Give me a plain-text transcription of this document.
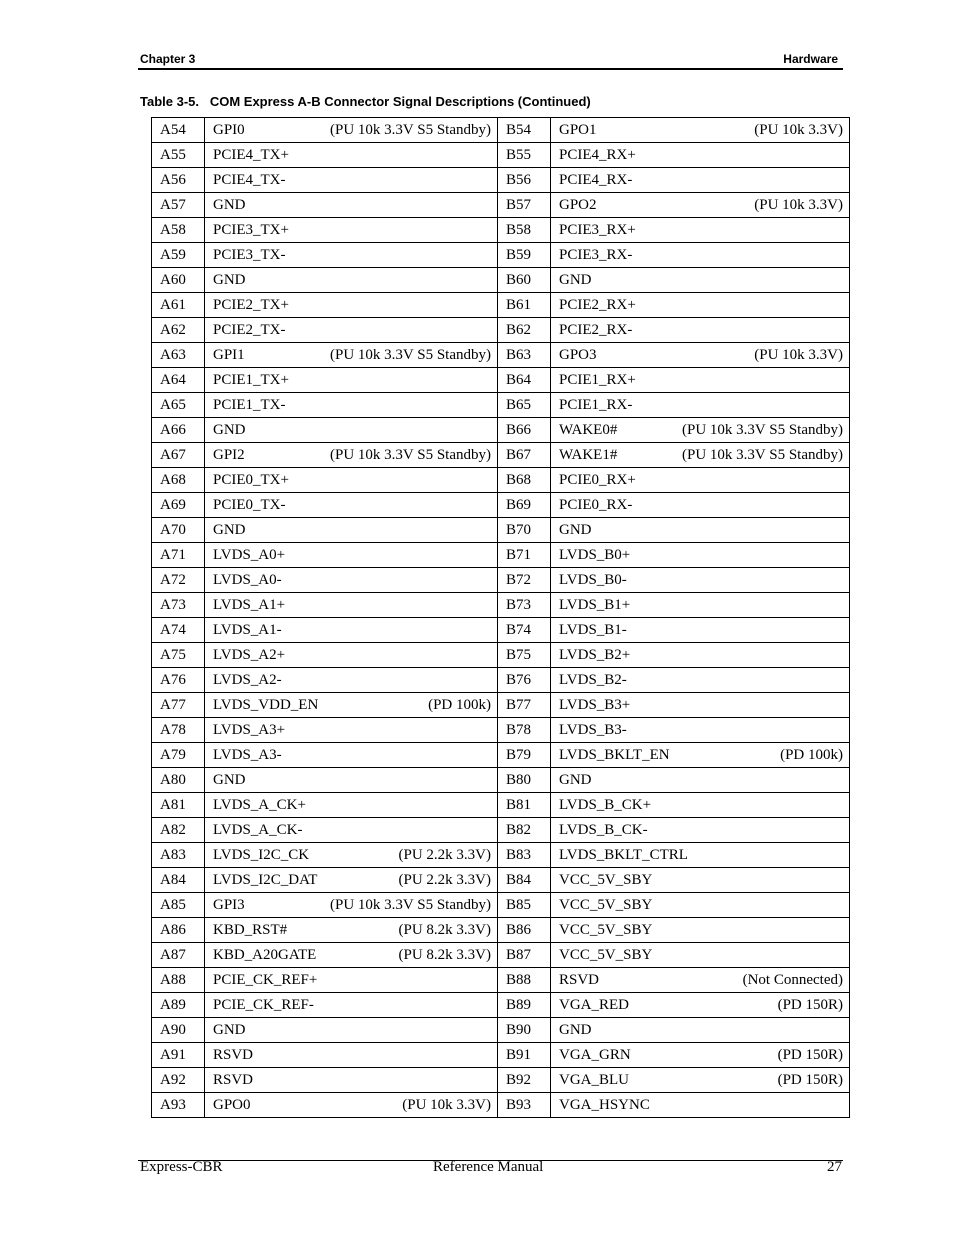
Chapter 3	Hardware
Table 3-5.   COM Express A-B Connector Signal Descriptions (Continued)
A54	GPI0 (PU 10k 3.3V S5 Standby)	B54	GPO1 (PU 10k 3.3V)

A55	PCIE4_TX+	B55	PCIE4_RX+

A56	PCIE4_TX-	B56	PCIE4_RX-

A57	GND	B57	GPO2 (PU 10k 3.3V)

A58	PCIE3_TX+	B58	PCIE3_RX+

A59	PCIE3_TX-	B59	PCIE3_RX-

A60	GND	B60	GND

A61	PCIE2_TX+	B61	PCIE2_RX+

A62	PCIE2_TX-	B62	PCIE2_RX-

A63	GPI1 (PU 10k 3.3V S5 Standby)	B63	GPO3 (PU 10k 3.3V)

A64	PCIE1_TX+	B64	PCIE1_RX+

A65	PCIE1_TX-	B65	PCIE1_RX-

A66	GND	B66	WAKE0# (PU 10k 3.3V S5 Standby)

A67	GPI2 (PU 10k 3.3V S5 Standby)	B67	WAKE1# (PU 10k 3.3V S5 Standby)

A68	PCIE0_TX+	B68	PCIE0_RX+

A69	PCIE0_TX-	B69	PCIE0_RX-

A70	GND	B70	GND

A71	LVDS_A0+	B71	LVDS_B0+

A72	LVDS_A0-	B72	LVDS_B0-

A73	LVDS_A1+	B73	LVDS_B1+

A74	LVDS_A1-	B74	LVDS_B1-

A75	LVDS_A2+	B75	LVDS_B2+

A76	LVDS_A2-	B76	LVDS_B2-

A77	LVDS_VDD_EN (PD 100k)	B77	LVDS_B3+

A78	LVDS_A3+	B78	LVDS_B3-

A79	LVDS_A3-	B79	LVDS_BKLT_EN (PD 100k)

A80	GND	B80	GND

A81	LVDS_A_CK+	B81	LVDS_B_CK+

A82	LVDS_A_CK-	B82	LVDS_B_CK-

A83	LVDS_I2C_CK (PU 2.2k 3.3V)	B83	LVDS_BKLT_CTRL

A84	LVDS_I2C_DAT (PU 2.2k 3.3V)	B84	VCC_5V_SBY

A85	GPI3 (PU 10k 3.3V S5 Standby)	B85	VCC_5V_SBY

A86	KBD_RST# (PU 8.2k 3.3V)	B86	VCC_5V_SBY

A87	KBD_A20GATE (PU 8.2k 3.3V)	B87	VCC_5V_SBY

A88	PCIE_CK_REF+	B88	RSVD (Not Connected)

A89	PCIE_CK_REF-	B89	VGA_RED (PD 150R)

A90	GND	B90	GND

A91	RSVD	B91	VGA_GRN (PD 150R)

A92	RSVD	B92	VGA_BLU (PD 150R)

A93	GPO0 (PU 10k 3.3V)	B93	VGA_HSYNC
Express-CBR	Reference Manual	27
